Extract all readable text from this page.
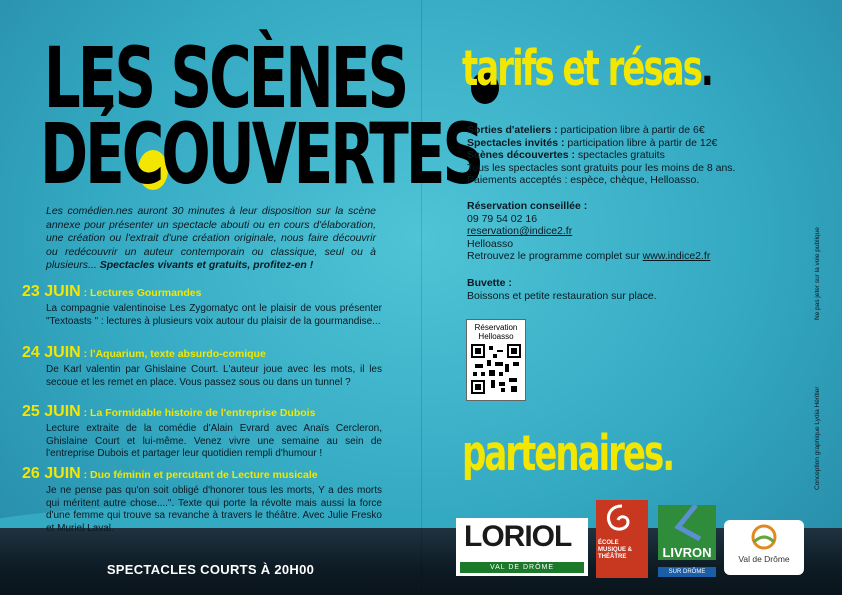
LES SCÈNES
DÉCOUVERTES
Les comédien.nes auront 30 minutes à leur disposition sur la scène annexe pour présenter un spectacle abouti ou en cours d'élaboration, une création ou l'extrait d'une création originale, nous faire découvrir ou redécouvrir un auteur contemporain ou classique, seul ou à plusieurs... Spectacles vivants et gratuits, profitez-en !
23 JUIN : Lectures Gourmandes
La compagnie valentinoise Les Zygomatyc ont le plaisir de vous présenter "Textoasts " : lectures à plusieurs voix autour du plaisir de la gourmandise...
24 JUIN : l'Aquarium, texte absurdo-comique
De Karl valentin par Ghislaine Court. L'auteur joue avec les mots, il les secoue et les remet en place. Vous passez sous ou dans un tunnel ?
25 JUIN : La Formidable histoire de l'entreprise Dubois
Lecture extraite de la comédie d'Alain Evrard avec Anaïs Cercleron, Ghislaine Court et lui-même. Venez vivre une semaine au sein de l'entreprise Dubois et partager leur quotidien rempli d'humour !
26 JUIN : Duo féminin et percutant de Lecture musicale
Je ne pense pas qu'on soit obligé d'honorer tous les morts, Y a des morts qui méritent autre chose....". Texte qui porte la révolte mais aussi la force d'une femme qui trouve sa revanche à travers le théâtre. Avec Julie Fresko et Muriel Laval.
SPECTACLES COURTS À 20H00
tarifs et résas.
Sorties d'ateliers : participation libre à partir de 6€
Spectacles invités : participation libre à partir de 12€
Scènes découvertes : spectacles gratuits
Tous les spectacles sont gratuits pour les moins de 8 ans.
Paiements acceptés : espèce, chèque, Helloasso.
Réservation conseillée :
09 79 54 02 16
reservation@indice2.fr
Helloasso
Retrouvez le programme complet sur www.indice2.fr
Buvette :
Boissons et petite restauration sur place.
Réservation Helloasso
Ne pas jeter sur la voie publique
Conception graphique Lydia Héritier
partenaires.
LORIOL
VAL DE DRÔME
ÉCOLE MUSIQUE & THÉÂTRE	LIVRON
SUR DRÔME
Val de Drôme
